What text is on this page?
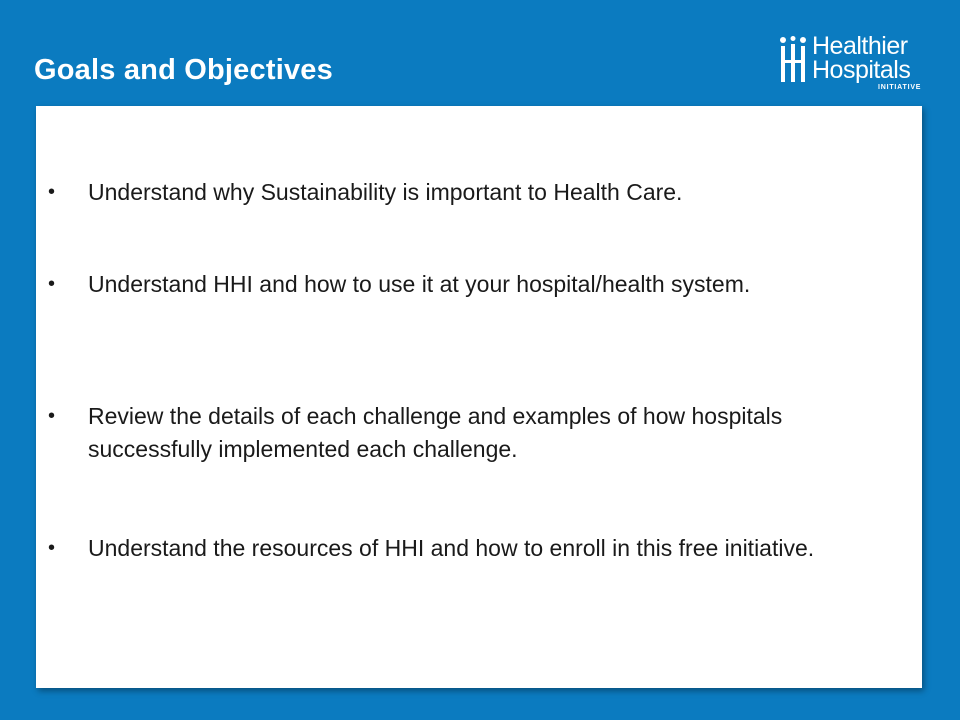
Goals and Objectives
Healthier
Hospitals
INITIATIVE
• Understand why Sustainability is important to Health Care.
• Understand HHI and how to use it at your hospital/health system.
• Review the details of each challenge and examples of how hospitals successfully implemented each challenge.
• Understand the resources of HHI and how to enroll in this free initiative.
